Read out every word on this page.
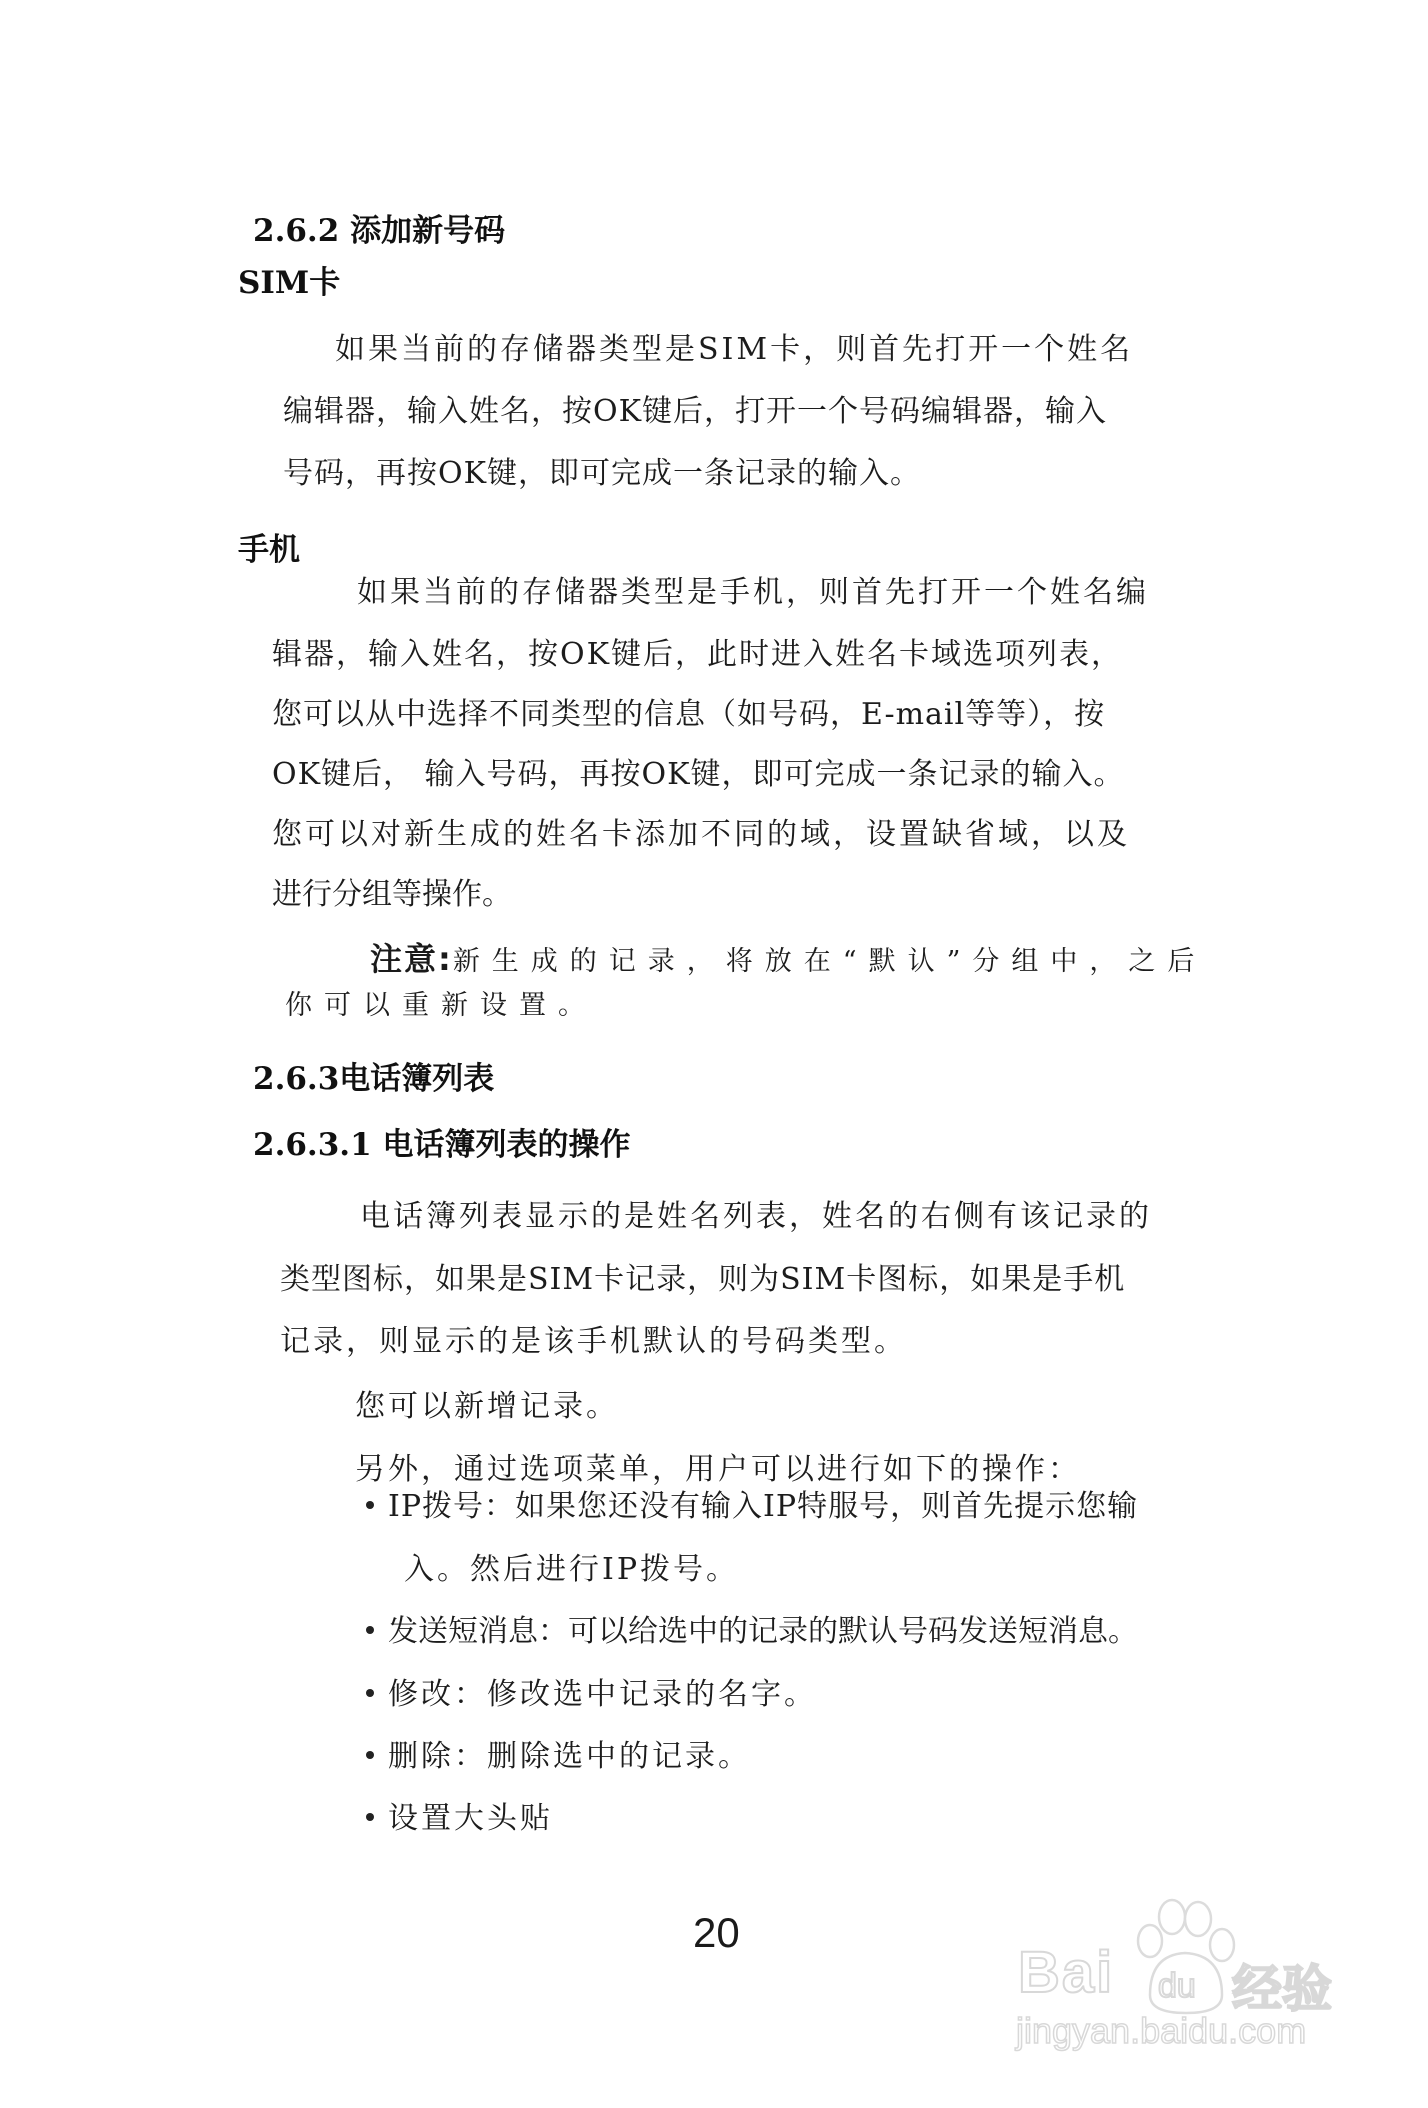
2.6.2 添加新号码
SIM卡
如果当前的存储器类型是SIM卡，则首先打开一个姓名
编辑器，输入姓名，按OK键后，打开一个号码编辑器，输入
号码，再按OK键，即可完成一条记录的输入。
手机
如果当前的存储器类型是手机，则首先打开一个姓名编
辑器，输入姓名，按OK键后，此时进入姓名卡域选项列表，
您可以从中选择不同类型的信息（如号码，E-mail等等），按
OK键后， 输入号码，再按OK键，即可完成一条记录的输入。
您可以对新生成的姓名卡添加不同的域，设置缺省域，以及
进行分组等操作。
注意:新生成的记录，将放在“默认”分组中，之后
你可以重新设置。
2.6.3电话簿列表
2.6.3.1 电话簿列表的操作
电话簿列表显示的是姓名列表，姓名的右侧有该记录的
类型图标，如果是SIM卡记录，则为SIM卡图标，如果是手机
记录，则显示的是该手机默认的号码类型。
您可以新增记录。
另外，通过选项菜单，用户可以进行如下的操作：
IP拨号：如果您还没有输入IP特服号，则首先提示您输
入。然后进行IP拨号。
发送短消息：可以给选中的记录的默认号码发送短消息。
修改：修改选中记录的名字。
删除：删除选中的记录。
设置大头贴
20
Bai du 经验
jingyan.baidu.com
